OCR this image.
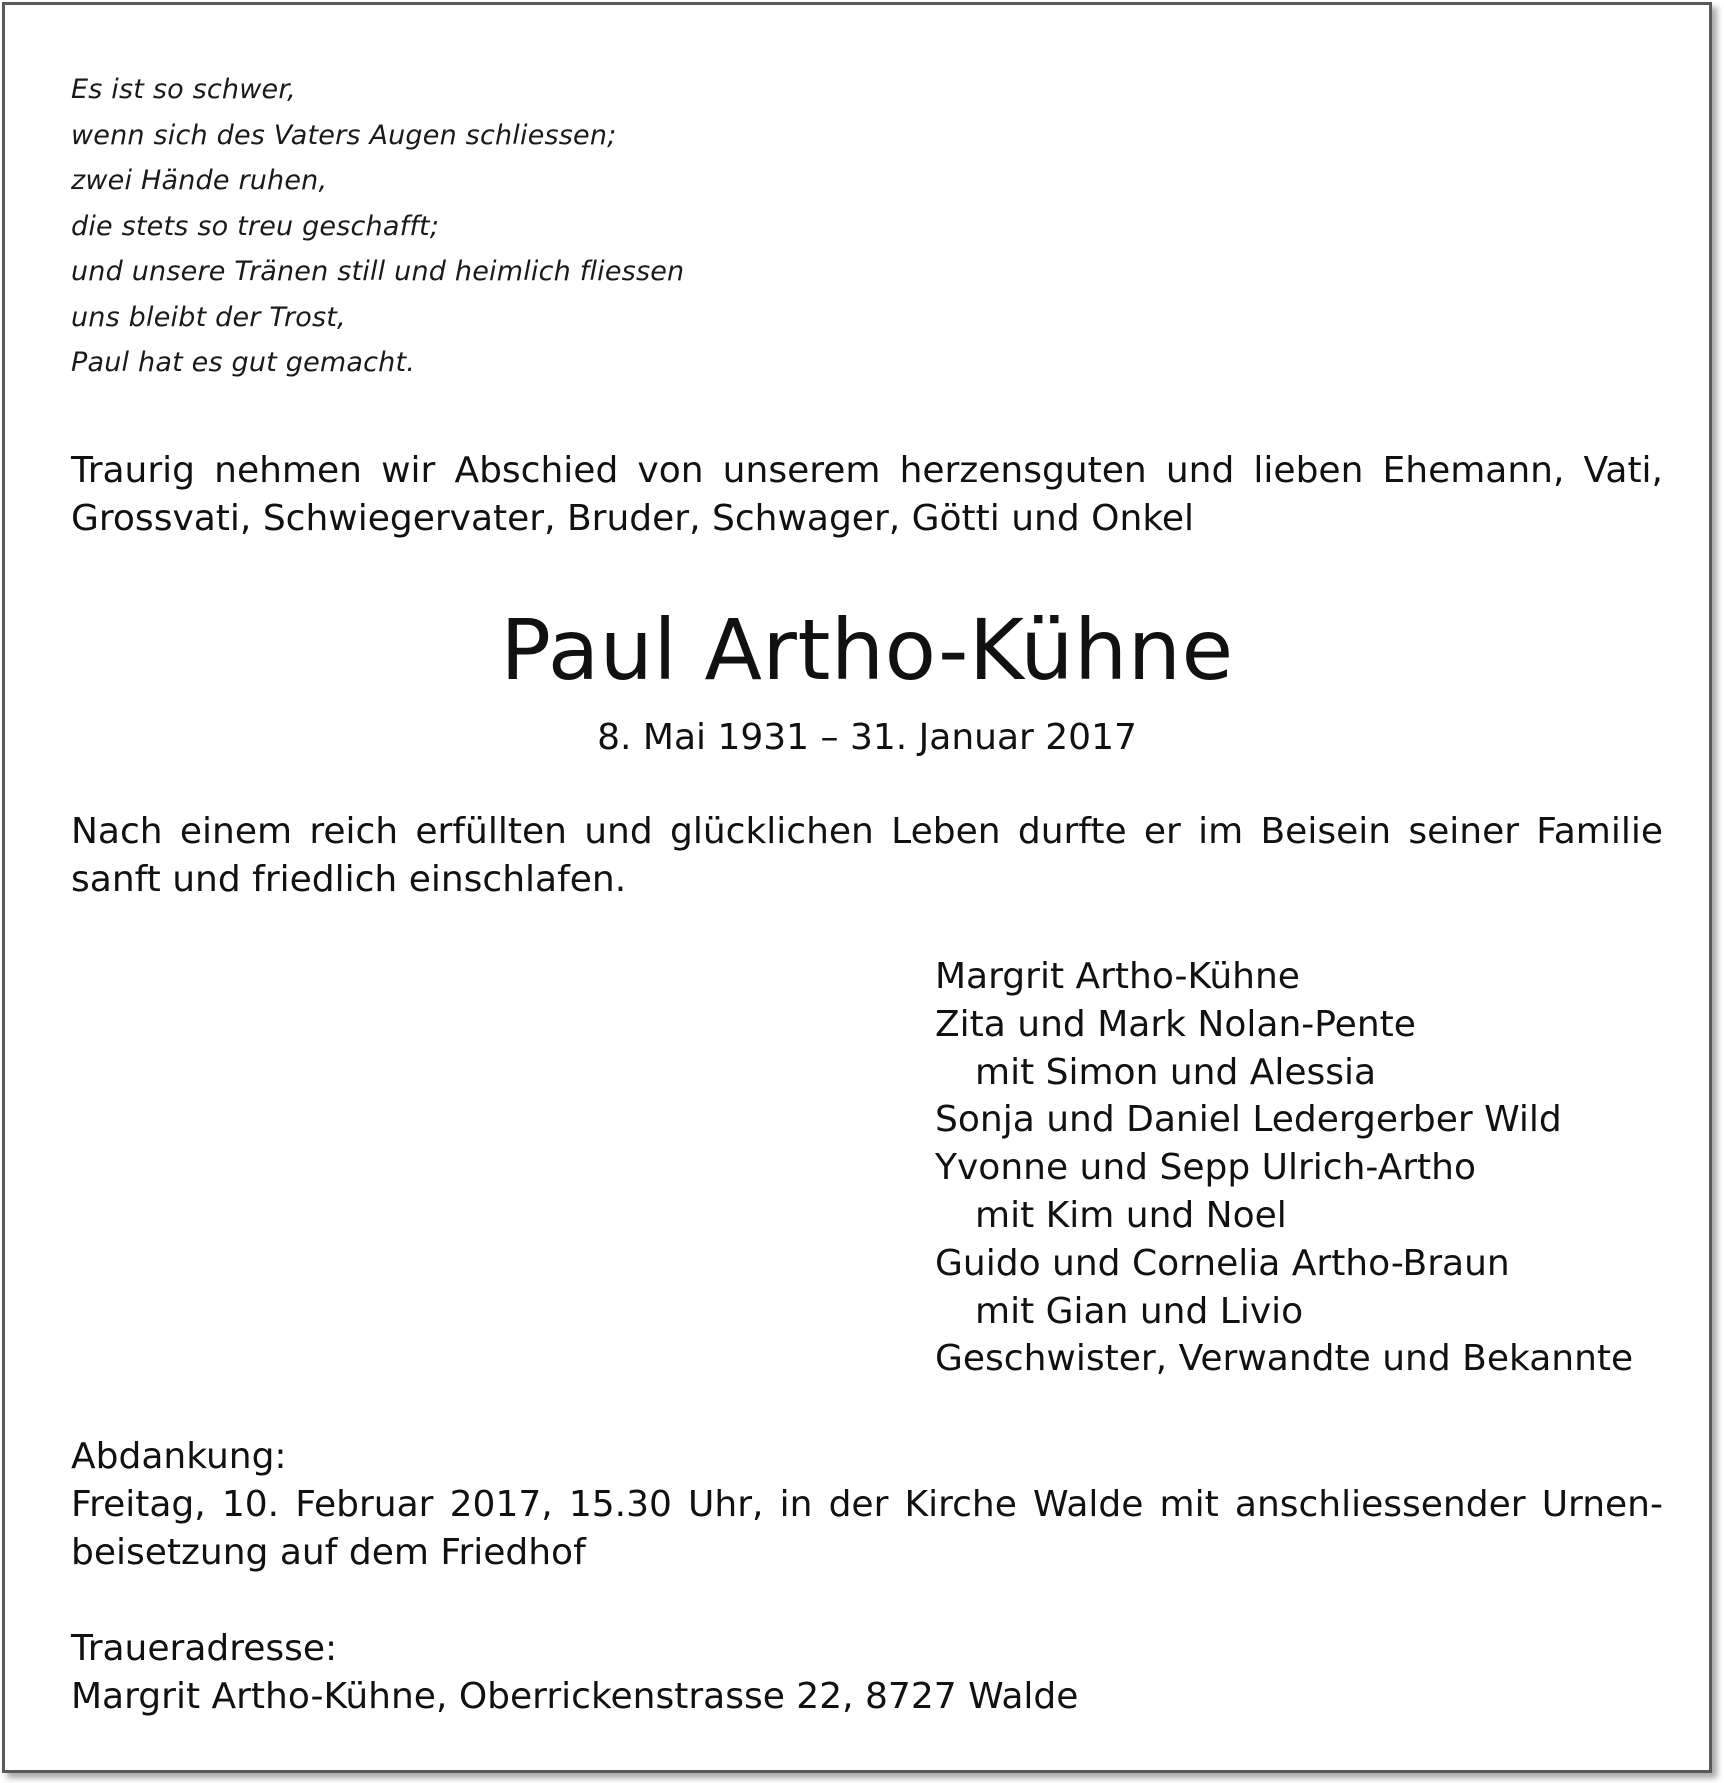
Es ist so schwer,
wenn sich des Vaters Augen schliessen;
zwei Hände ruhen,
die stets so treu geschafft;
und unsere Tränen still und heimlich fliessen
uns bleibt der Trost,
Paul hat es gut gemacht.
Traurig nehmen wir Abschied von unserem herzensguten und lieben Ehemann, Vati, Grossvati, Schwiegervater, Bruder, Schwager, Götti und Onkel
Paul Artho-Kühne
8. Mai 1931 – 31. Januar 2017
Nach einem reich erfüllten und glücklichen Leben durfte er im Beisein seiner Familie sanft und friedlich einschlafen.
Margrit Artho-Kühne
Zita und Mark Nolan-Pente
mit Simon und Alessia
Sonja und Daniel Ledergerber Wild
Yvonne und Sepp Ulrich-Artho
mit Kim und Noel
Guido und Cornelia Artho-Braun
mit Gian und Livio
Geschwister, Verwandte und Bekannte
Abdankung:
Freitag, 10. Februar 2017, 15.30 Uhr, in der Kirche Walde mit anschliessender Urnen-beisetzung auf dem Friedhof
Traueradresse:
Margrit Artho-Kühne, Oberrickenstrasse 22, 8727 Walde
